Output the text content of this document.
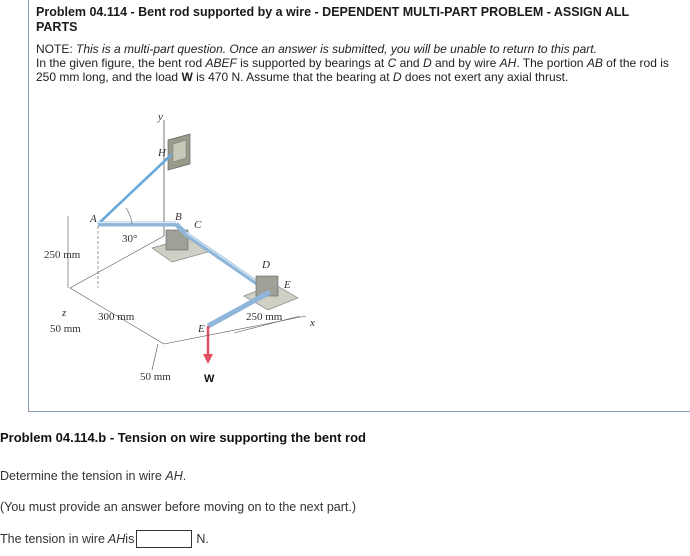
Problem 04.114 - Bent rod supported by a wire - DEPENDENT MULTI-PART PROBLEM - ASSIGN ALL PARTS
NOTE: This is a multi-part question. Once an answer is submitted, you will be unable to return to this part.
In the given figure, the bent rod ABEF is supported by bearings at C and D and by wire AH. The portion AB of the rod is 250 mm long, and the load W is 470 N. Assume that the bearing at D does not exert any axial thrust.
y
H
A	B
C
D
E
E
30°
250 mm
300 mm
50 mm
50 mm
250 mm
z
x
W
Problem 04.114.b - Tension on wire supporting the bent rod
Determine the tension in wire AH.
(You must provide an answer before moving on to the next part.)
The tension in wire AH is	N.
